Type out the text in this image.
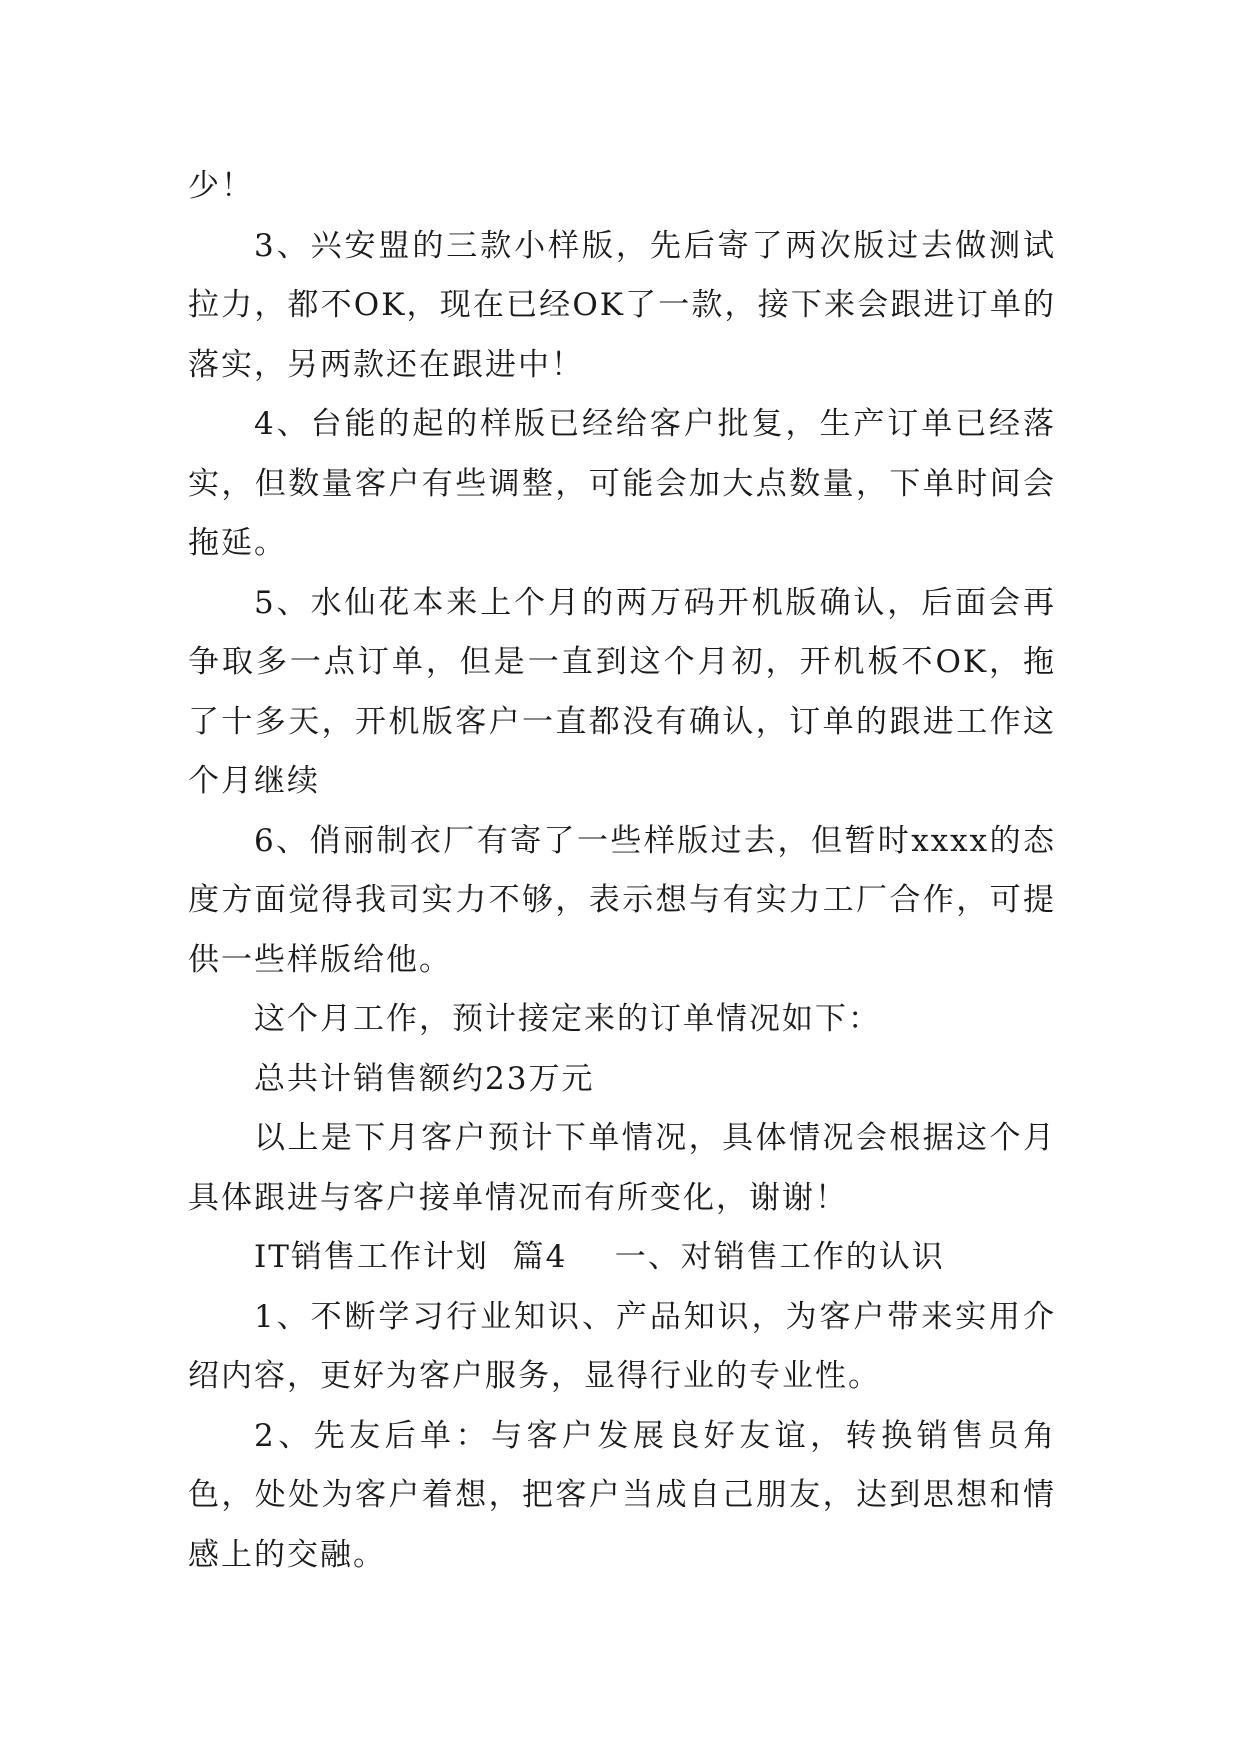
少！

3、兴安盟的三款小样版，先后寄了两次版过去做测试拉力，都不OK，现在已经OK了一款，接下来会跟进订单的落实，另两款还在跟进中！

4、台能的起的样版已经给客户批复，生产订单已经落实，但数量客户有些调整，可能会加大点数量，下单时间会拖延。

5、水仙花本来上个月的两万码开机版确认，后面会再争取多一点订单，但是一直到这个月初，开机板不OK，拖了十多天，开机版客户一直都没有确认，订单的跟进工作这个月继续

6、俏丽制衣厂有寄了一些样版过去，但暂时xxxx的态度方面觉得我司实力不够，表示想与有实力工厂合作，可提供一些样版给他。

这个月工作，预计接定来的订单情况如下：

总共计销售额约23万元

以上是下月客户预计下单情况，具体情况会根据这个月具体跟进与客户接单情况而有所变化，谢谢！

IT销售工作计划  篇4    一、对销售工作的认识

1、不断学习行业知识、产品知识，为客户带来实用介绍内容，更好为客户服务，显得行业的专业性。

2、先友后单：与客户发展良好友谊，转换销售员角色，处处为客户着想，把客户当成自己朋友，达到思想和情感上的交融。
